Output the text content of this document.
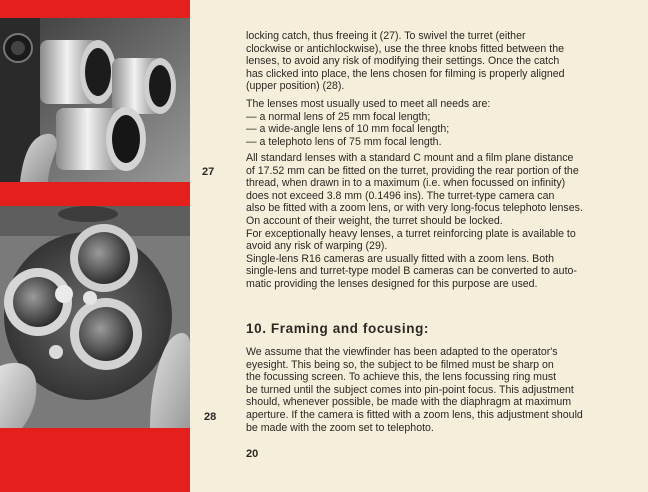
27
28

locking catch, thus freeing it (27). To swivel the turret (either

clockwise or antichlockwise), use the three knobs fitted between the

lenses, to avoid any risk of modifying their settings. Once the catch

has clicked into place, the lens chosen for filming is properly aligned

(upper position) (28).

The lenses most usually used to meet all needs are:

— a normal lens of 25 mm focal length;

— a wide-angle lens of 10 mm focal length;

— a telephoto lens of 75 mm focal length.

All standard lenses with a standard C mount and a film plane distance

of 17.52 mm can be fitted on the turret, providing the rear portion of the

thread, when drawn in to a maximum (i.e. when focussed on infinity)

does not exceed 3.8 mm (0.1496 ins). The turret-type camera can

also be fitted with a zoom lens, or with very long-focus telephoto lenses.

On account of their weight, the turret should be locked.

For exceptionally heavy lenses, a turret reinforcing plate is available to

avoid any risk of warping (29).

Single-lens R16 cameras are usually fitted with a zoom lens. Both

single-lens and turret-type model B cameras can be converted to auto-

matic providing the lenses designed for this purpose are used.

10. Framing and focusing:

We assume that the viewfinder has been adapted to the operator's

eyesight. This being so, the subject to be filmed must be sharp on

the focussing screen. To achieve this, the lens focussing ring must

be turned until the subject comes into pin-point focus. This adjustment

should, whenever possible, be made with the diaphragm at maximum

aperture. If the camera is fitted with a zoom lens, this adjustment should

be made with the zoom set to telephoto.

20
